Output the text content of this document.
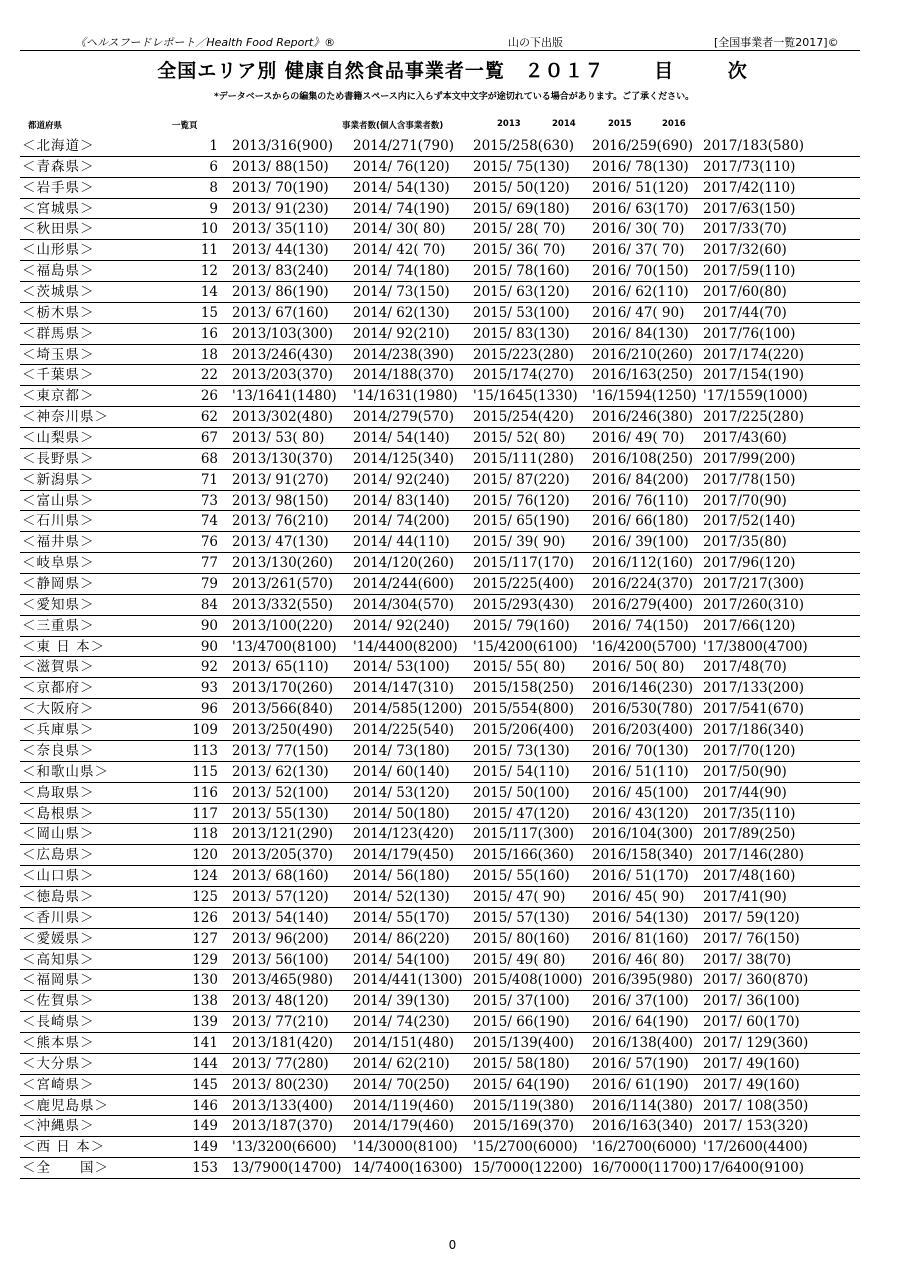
《ヘルスフードレポート／Health Food Report》®	山の下出版	[全国事業者一覧2017]©
全国エリア別 健康自然食品事業者一覧 ２０１７	目	次
*データベースからの編集のため書籍スペース内に入らず本文中文字が途切れている場合があります。ご了承ください。
都道府県	一覧頁	事業者数(個人含事業者数)	2013	2014	2015	2016
＜北海道＞	1 2013/316(900) 2014/271(790) 2015/258(630) 2016/259(690) 2017/183(580)
＜青森県＞	6 2013/ 88(150) 2014/ 76(120) 2015/ 75(130) 2016/ 78(130) 2017/73(110)
＜岩手県＞	8 2013/ 70(190) 2014/ 54(130) 2015/ 50(120) 2016/ 51(120) 2017/42(110)
＜宮城県＞	9 2013/ 91(230) 2014/ 74(190) 2015/ 69(180) 2016/ 63(170) 2017/63(150)
＜秋田県＞	10 2013/ 35(110) 2014/ 30( 80) 2015/ 28( 70) 2016/ 30( 70) 2017/33(70)
＜山形県＞	11 2013/ 44(130) 2014/ 42( 70) 2015/ 36( 70) 2016/ 37( 70) 2017/32(60)
＜福島県＞	12 2013/ 83(240) 2014/ 74(180) 2015/ 78(160) 2016/ 70(150) 2017/59(110)
＜茨城県＞	14 2013/ 86(190) 2014/ 73(150) 2015/ 63(120) 2016/ 62(110) 2017/60(80)
＜栃木県＞	15 2013/ 67(160) 2014/ 62(130) 2015/ 53(100) 2016/ 47( 90) 2017/44(70)
＜群馬県＞	16 2013/103(300) 2014/ 92(210) 2015/ 83(130) 2016/ 84(130) 2017/76(100)
＜埼玉県＞	18 2013/246(430) 2014/238(390) 2015/223(280) 2016/210(260) 2017/174(220)
＜千葉県＞	22 2013/203(370) 2014/188(370) 2015/174(270) 2016/163(250) 2017/154(190)
＜東京都＞	26 '13/1641(1480) '14/1631(1980) '15/1645(1330) '16/1594(1250) '17/1559(1000)
＜神奈川県＞	62 2013/302(480) 2014/279(570) 2015/254(420) 2016/246(380) 2017/225(280)
＜山梨県＞	67 2013/ 53( 80) 2014/ 54(140) 2015/ 52( 80) 2016/ 49( 70) 2017/43(60)
＜長野県＞	68 2013/130(370) 2014/125(340) 2015/111(280) 2016/108(250) 2017/99(200)
＜新潟県＞	71 2013/ 91(270) 2014/ 92(240) 2015/ 87(220) 2016/ 84(200) 2017/78(150)
＜富山県＞	73 2013/ 98(150) 2014/ 83(140) 2015/ 76(120) 2016/ 76(110) 2017/70(90)
＜石川県＞	74 2013/ 76(210) 2014/ 74(200) 2015/ 65(190) 2016/ 66(180) 2017/52(140)
＜福井県＞	76 2013/ 47(130) 2014/ 44(110) 2015/ 39( 90) 2016/ 39(100) 2017/35(80)
＜岐阜県＞	77 2013/130(260) 2014/120(260) 2015/117(170) 2016/112(160) 2017/96(120)
＜静岡県＞	79 2013/261(570) 2014/244(600) 2015/225(400) 2016/224(370) 2017/217(300)
＜愛知県＞	84 2013/332(550) 2014/304(570) 2015/293(430) 2016/279(400) 2017/260(310)
＜三重県＞	90 2013/100(220) 2014/ 92(240) 2015/ 79(160) 2016/ 74(150) 2017/66(120)
＜東 日 本＞	90 '13/4700(8100) '14/4400(8200) '15/4200(6100) '16/4200(5700) '17/3800(4700)
＜滋賀県＞	92 2013/ 65(110) 2014/ 53(100) 2015/ 55( 80) 2016/ 50( 80) 2017/48(70)
＜京都府＞	93 2013/170(260) 2014/147(310) 2015/158(250) 2016/146(230) 2017/133(200)
＜大阪府＞	96 2013/566(840) 2014/585(1200) 2015/554(800) 2016/530(780) 2017/541(670)
＜兵庫県＞	109 2013/250(490) 2014/225(540) 2015/206(400) 2016/203(400) 2017/186(340)
＜奈良県＞	113 2013/ 77(150) 2014/ 73(180) 2015/ 73(130) 2016/ 70(130) 2017/70(120)
＜和歌山県＞	115 2013/ 62(130) 2014/ 60(140) 2015/ 54(110) 2016/ 51(110) 2017/50(90)
＜鳥取県＞	116 2013/ 52(100) 2014/ 53(120) 2015/ 50(100) 2016/ 45(100) 2017/44(90)
＜島根県＞	117 2013/ 55(130) 2014/ 50(180) 2015/ 47(120) 2016/ 43(120) 2017/35(110)
＜岡山県＞	118 2013/121(290) 2014/123(420) 2015/117(300) 2016/104(300) 2017/89(250)
＜広島県＞	120 2013/205(370) 2014/179(450) 2015/166(360) 2016/158(340) 2017/146(280)
＜山口県＞	124 2013/ 68(160) 2014/ 56(180) 2015/ 55(160) 2016/ 51(170) 2017/48(160)
＜徳島県＞	125 2013/ 57(120) 2014/ 52(130) 2015/ 47( 90) 2016/ 45( 90) 2017/41(90)
＜香川県＞	126 2013/ 54(140) 2014/ 55(170) 2015/ 57(130) 2016/ 54(130) 2017/ 59(120)
＜愛媛県＞	127 2013/ 96(200) 2014/ 86(220) 2015/ 80(160) 2016/ 81(160) 2017/ 76(150)
＜高知県＞	129 2013/ 56(100) 2014/ 54(100) 2015/ 49( 80) 2016/ 46( 80) 2017/ 38(70)
＜福岡県＞	130 2013/465(980) 2014/441(1300) 2015/408(1000) 2016/395(980) 2017/ 360(870)
＜佐賀県＞	138 2013/ 48(120) 2014/ 39(130) 2015/ 37(100) 2016/ 37(100) 2017/ 36(100)
＜長崎県＞	139 2013/ 77(210) 2014/ 74(230) 2015/ 66(190) 2016/ 64(190) 2017/ 60(170)
＜熊本県＞	141 2013/181(420) 2014/151(480) 2015/139(400) 2016/138(400) 2017/ 129(360)
＜大分県＞	144 2013/ 77(280) 2014/ 62(210) 2015/ 58(180) 2016/ 57(190) 2017/ 49(160)
＜宮崎県＞	145 2013/ 80(230) 2014/ 70(250) 2015/ 64(190) 2016/ 61(190) 2017/ 49(160)
＜鹿児島県＞	146 2013/133(400) 2014/119(460) 2015/119(380) 2016/114(380) 2017/ 108(350)
＜沖縄県＞	149 2013/187(370) 2014/179(460) 2015/169(370) 2016/163(340) 2017/ 153(320)
＜西 日 本＞	149 '13/3200(6600) '14/3000(8100) '15/2700(6000) '16/2700(6000) '17/2600(4400)
＜全　　国＞	153 13/7900(14700) 14/7400(16300) 15/7000(12200) 16/7000(11700) 17/6400(9100)
0
